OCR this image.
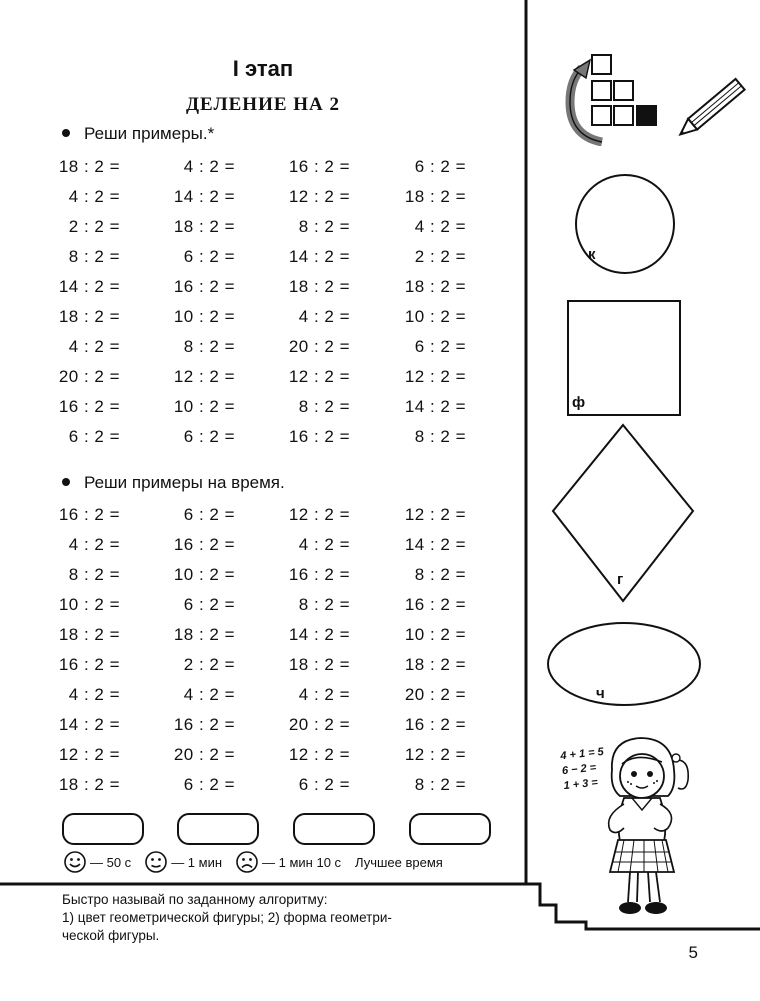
I этап
ДЕЛЕНИЕ НА 2
Реши примеры.*
18 : 2 =	4 : 2 =	16 : 2 =	6 : 2 =
4 : 2 =	14 : 2 =	12 : 2 =	18 : 2 =
2 : 2 =	18 : 2 =	8 : 2 =	4 : 2 =
8 : 2 =	6 : 2 =	14 : 2 =	2 : 2 =
14 : 2 =	16 : 2 =	18 : 2 =	18 : 2 =
18 : 2 =	10 : 2 =	4 : 2 =	10 : 2 =
4 : 2 =	8 : 2 =	20 : 2 =	6 : 2 =
20 : 2 =	12 : 2 =	12 : 2 =	12 : 2 =
16 : 2 =	10 : 2 =	8 : 2 =	14 : 2 =
6 : 2 =	6 : 2 =	16 : 2 =	8 : 2 =
Реши примеры на время.
16 : 2 =	6 : 2 =	12 : 2 =	12 : 2 =
4 : 2 =	16 : 2 =	4 : 2 =	14 : 2 =
8 : 2 =	10 : 2 =	16 : 2 =	8 : 2 =
10 : 2 =	6 : 2 =	8 : 2 =	16 : 2 =
18 : 2 =	18 : 2 =	14 : 2 =	10 : 2 =
16 : 2 =	2 : 2 =	18 : 2 =	18 : 2 =
4 : 2 =	4 : 2 =	4 : 2 =	20 : 2 =
14 : 2 =	16 : 2 =	20 : 2 =	16 : 2 =
12 : 2 =	20 : 2 =	12 : 2 =	12 : 2 =
18 : 2 =	6 : 2 =	6 : 2 =	8 : 2 =
— 50 с	— 1 мин	— 1 мин 10 с Лучшее время
Быстро называй по заданному алгоритму:
1) цвет геометрической фигуры; 2) форма геометри-
ческой фигуры.
5
к
ф
г
ч
4 + 1 = 5
6 − 2 =
1 + 3 =
